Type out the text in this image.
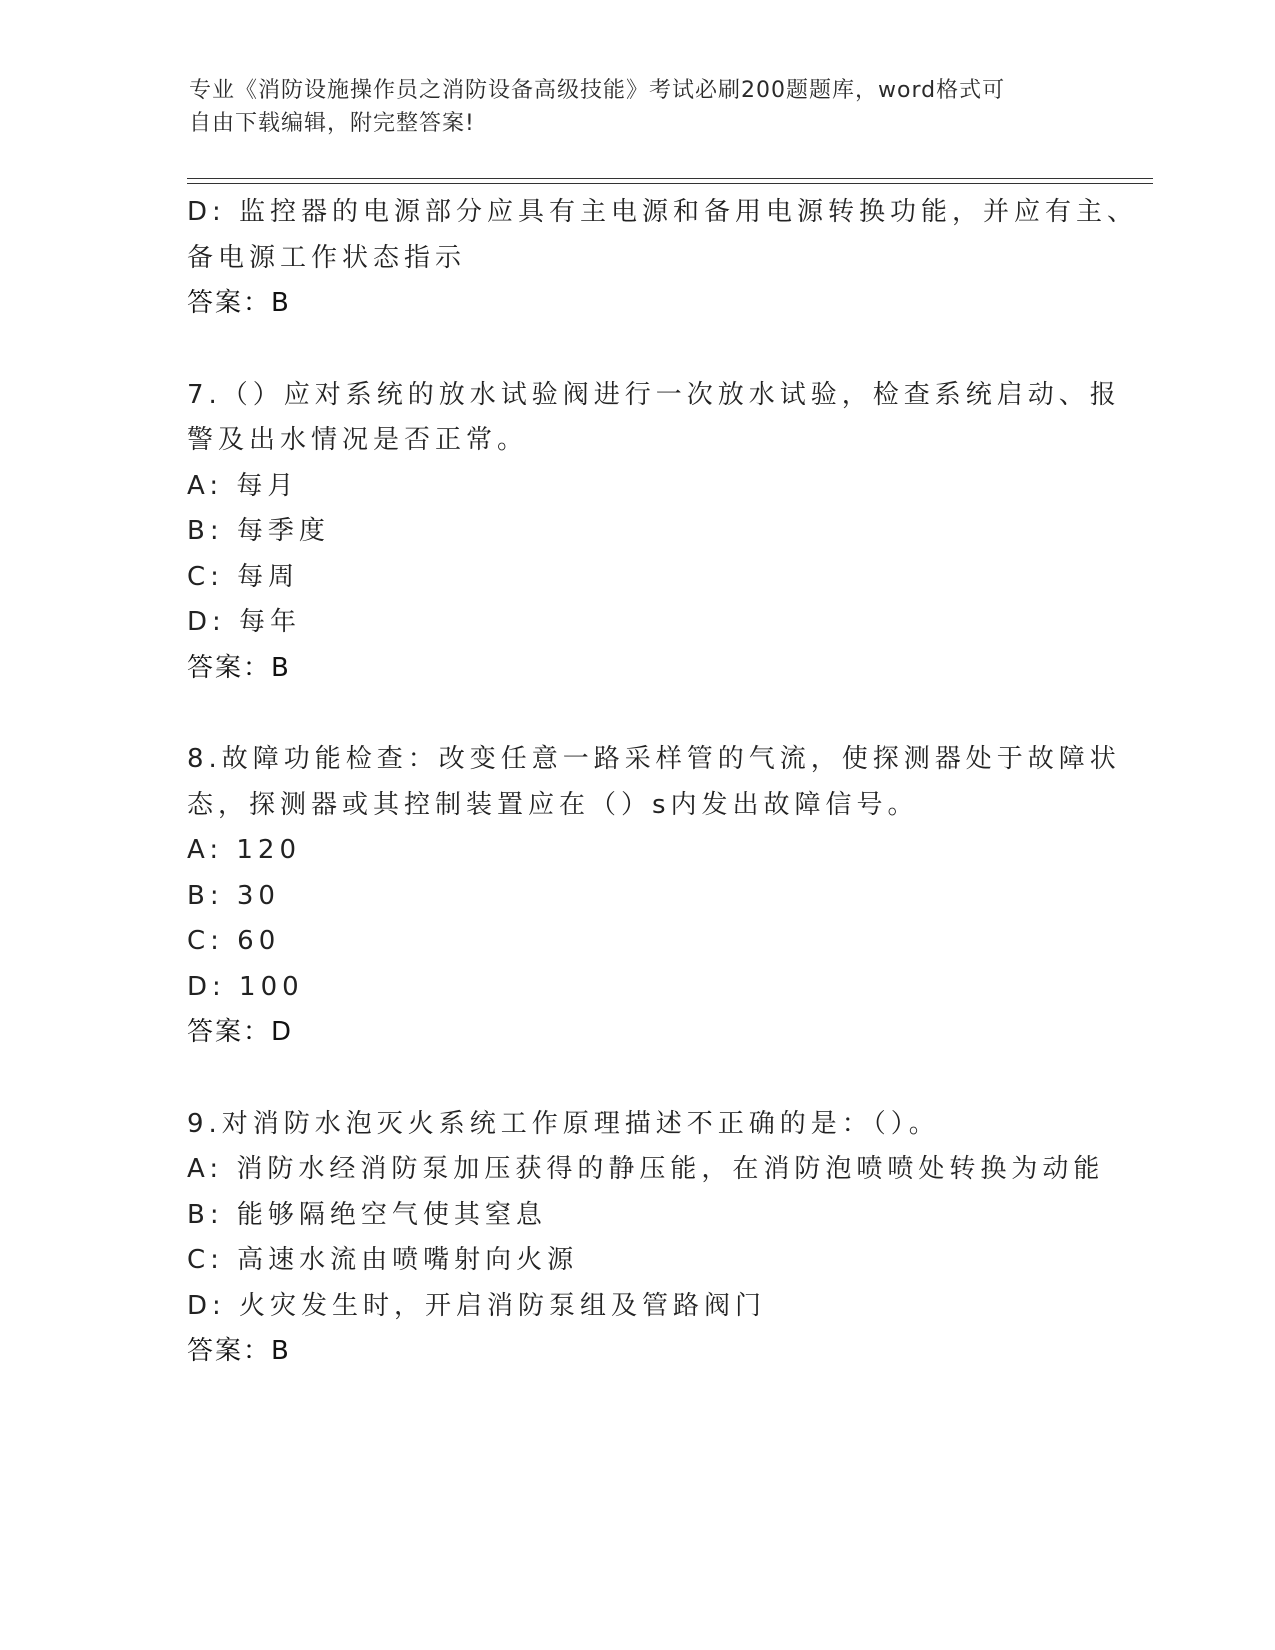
专业《消防设施操作员之消防设备高级技能》考试必刷200题题库，word格式可
自由下载编辑，附完整答案!
D: 监控器的电源部分应具有主电源和备用电源转换功能，并应有主、
备电源工作状态指示
答案：B
7.（）应对系统的放水试验阀进行一次放水试验，检查系统启动、报
警及出水情况是否正常。
A: 每月
B: 每季度
C: 每周
D: 每年
答案：B
8.故障功能检查：改变任意一路采样管的气流，使探测器处于故障状
态，探测器或其控制装置应在（）s内发出故障信号。
A: 120
B: 30
C: 60
D: 100
答案：D
9.对消防水泡灭火系统工作原理描述不正确的是：（）。
A: 消防水经消防泵加压获得的静压能，在消防泡喷喷处转换为动能
B: 能够隔绝空气使其窒息
C: 高速水流由喷嘴射向火源
D: 火灾发生时，开启消防泵组及管路阀门
答案：B
